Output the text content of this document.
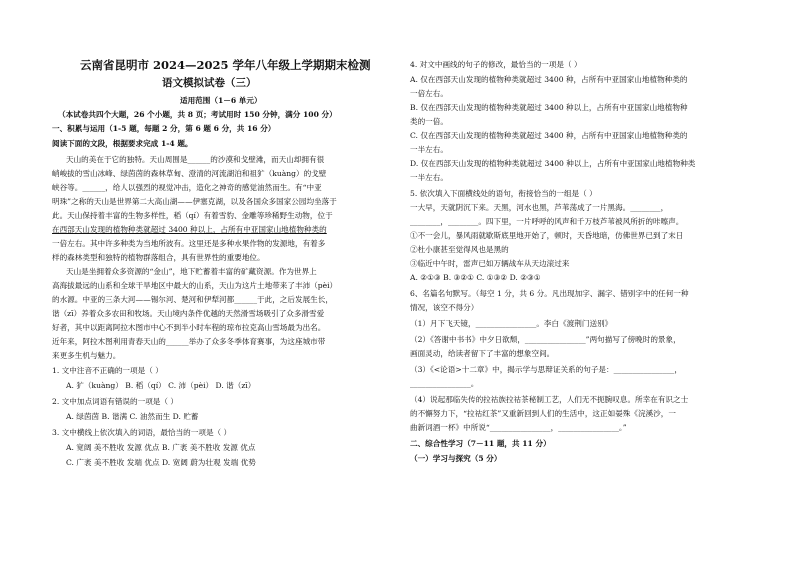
云南省昆明市 2024—2025 学年八年级上学期期末检测
语文模拟试卷（三）
适用范围（1－6 单元）
（本试卷共四个大题，26 个小题，共 8 页；考试用时 150 分钟，满分 100 分）
一、积累与运用（1-5 题，每题 2 分，第 6 题 6 分，共 16 分）
阅读下面的文段，根据要求完成 1-4 题。
天山的美在于它的独特。天山周围是______的沙漠和戈壁滩，而天山却拥有很
峭峻拔的雪山冰峰、绿茵茵的森林草甸、澄清的河流湖泊和祖犷（kuàng）的戈壁
峡谷等。______，给人以强烈的视觉冲击，造化之神奇的感觉油然而生。有“中亚
明珠”之称的天山是世界第二大高山湖——伊塞克湖，以及各国众多国家公园均坐落于
此。天山保持着丰富的生物多样性，稻（qí）有着雪豹、金雕等珍稀野生动物，位于
在西部天山发现的植物种类就超过 3400 种以上，占所有中亚国家山地植物种类的
一倍左右。其中许多种类为当地所波有。这里还是多种水果作物的发源地，有着多
样的森林类型和独特的植物群落组合，具有世界性的重要地位。
天山是坐拥着众多资源的“金山”，地下贮蓄着丰富的矿藏资源。作为世界上
高海拔最远的山系和全球干旱地区中最大的山系，天山为这片土地带来了丰沛（pèi）
的水源。中亚的三条大河——锡尔河、楚河和伊犁河都______于此，之后发展生长，
谐（zī）养着众多农田和牧场。天山境内条件优越的天然滑雪场吸引了众多滑雪爱
好者，其中以距离阿拉木图市中心不到半小时车程的琼布拉克高山雪场最为出名。
近年来，阿拉木图利用青春天山的______举办了众多冬季体育赛事，为这座城市带
来更多生机与魅力。
1. 文中注音不正确的一项是（ ）
A. 犷（kuàng） B. 稻（qí） C. 沛（pèi） D. 谐（zī）
2. 文中加点词语有错误的一项是（ ）
A. 绿茵茵 B. 谐满 C. 油然而生 D. 贮蓄
3. 文中横线上依次填入的词语，最恰当的一项是（ ）
A. 宽阔 美不胜收 发源 优点 B. 广袤 美不胜收 发源 优点
C. 广袤 美不胜收 发端 优点 D. 宽阔 蔚为壮观 发端 优势
4. 对文中画线的句子的修改，最恰当的一项是（ ）
A. 仅在西部天山发现的植物种类就超过 3400 种，占所有中亚国家山地植物种类的
一倍左右。
B. 仅在西部天山发现的植物种类就超过 3400 种以上，占所有中亚国家山地植物种
类的一倍。
C. 仅在西部天山发现的植物种类就超过 3400 种，占所有中亚国家山地植物种类的
一半左右。
D. 仅在西部天山发现的植物种类就超过 3400 种以上，占所有中亚国家山地植物种类
一半左右。
5. 依次填入下面横线处的语句，衔接恰当的一组是（ ）
一大早，天就阴沉下来。天黑，河水也黑，芦苇荡成了一片黑海。________，
________，________。四下里，一片呼呼的风声和千万枝芦苇被风所折的咔嚓声。
①不一会儿，暴风雨就歇斯底里地开始了，顿时，天昏地暗，仿佛世界已到了末日
②杜小康甚至觉得风也是黑的
③临近中午时，雷声已如万辆战车从天边滚过来
A. ②①③ B. ③②① C. ①③② D. ②③①
6、名篇名句默写。（每空 1 分，共 6 分。凡出现加字、漏字、错别字中的任何一种
情况，该空不得分）
（1）月下飞天镜，________________。李白《渡荆门送别》
（2）《答谢中书书》中夕日欲颓，________________”两句描写了傍晚时的景象，
画面灵动，给读者留下了丰富的想象空间。
（3）《<论语>十二章》中，揭示学与思辩证关系的句子是：________________，
________________。
（4）说起那临失传的拉祜族拉祜茶秘制工艺，人们无不扼腕叹息。所幸在有识之士
的不懈努力下，“拉祜红茶”又重新回到人们的生活中，这正如晏殊《浣溪沙，一
曲新词酒一杯》中所说“________________，________________。”
二、综合性学习（7－11 题，共 11 分）
（一）学习与探究（5 分）
